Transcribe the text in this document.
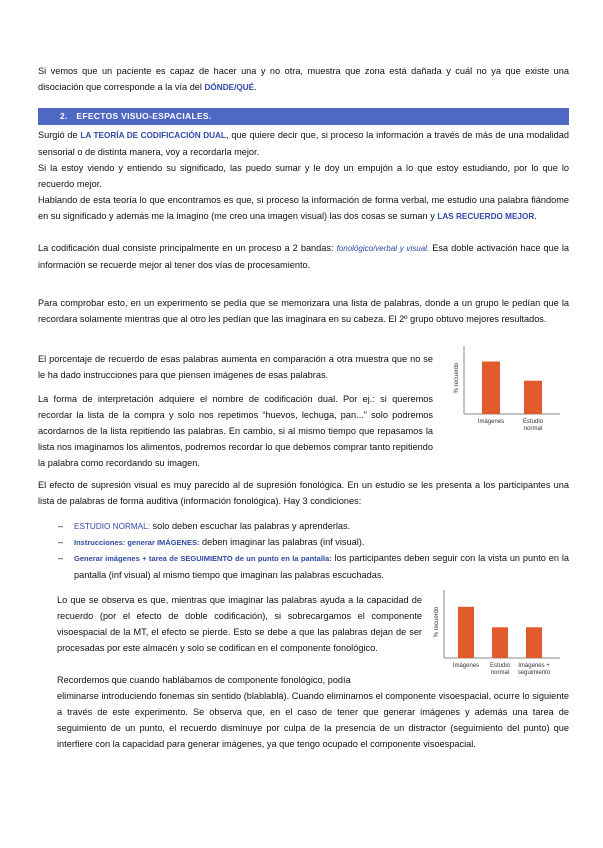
Si vemos que un paciente es capaz de hacer una y no otra, muestra que zona está dañada y cuál no ya que existe una disociación que corresponde a la vía del DÓNDE/QUÉ.

2. EFECTOS VISUO-ESPACIALES.

Surgió de LA TEORÍA DE CODIFICACIÓN DUAL, que quiere decir que, si proceso la información a través de más de una modalidad sensorial o de distinta manera, voy a recordarla mejor.
Si la estoy viendo y entiendo su significado, las puedo sumar y le doy un empujón a lo que estoy estudiando, por lo que lo recuerdo mejor.
Hablando de esta teoría lo que encontramos es que, si proceso la información de forma verbal, me estudio una palabra fiándome en su significado y además me la imagino (me creo una imagen visual) las dos cosas se suman y LAS RECUERDO MEJOR.

La codificación dual consiste principalmente en un proceso a 2 bandas: fonológico/verbal y visual. Esa doble activación hace que la información se recuerde mejor al tener dos vías de procesamiento.

Para comprobar esto, en un experimento se pedía que se memorizara una lista de palabras, donde a un grupo le pedían que la recordara solamente mientras que al otro les pedían que las imaginara en su cabeza. El 2º grupo obtuvo mejores resultados.

El porcentaje de recuerdo de esas palabras aumenta en comparación a otra muestra que no se le ha dado instrucciones para que piensen imágenes de esas palabras.

La forma de interpretación adquiere el nombre de codificación dual. Por ej.: si queremos recordar la lista de la compra y solo nos repetimos “huevos, lechuga, pan...” solo podremos acordarnos de la lista repitiendo las palabras. En cambio, si al mismo tiempo que repasamos la lista nos imaginamos los alimentos, podremos recordar lo que debemos comprar tanto repitiendo la palabra como recordando su imagen.

% recuerdo
Imágenes	Estudio
normal

El efecto de supresión visual es muy parecido al de supresión fonológica. En un estudio se les presenta a los participantes una lista de palabras de forma auditiva (información fonológica). Hay 3 condiciones:

– ESTUDIO NORMAL: solo deben escuchar las palabras y aprenderlas.
– Instrucciones: generar IMÁGENES: deben imaginar las palabras (inf visual).
– Generar imágenes + tarea de SEGUIMIENTO de un punto en la pantalla: los participantes deben seguir con la vista un punto en la pantalla (inf visual) al mismo tiempo que imaginan las palabras escuchadas.

Lo que se observa es que, mientras que imaginar las palabras ayuda a la capacidad de recuerdo (por el efecto de doble codificación), si sobrecargamos el componente visoespacial de la MT, el efecto se pierde. Esto se debe a que las palabras dejan de ser procesadas por este almacén y solo se codifican en el componente fonológico.

% recuerdo
Imágenes Estudio
normal
Imágenes +
seguimiento

Recordemos que cuando hablábamos de componente fonológico, podía

eliminarse introduciendo fonemas sin sentido (blablablá). Cuando eliminamos el componente visoespacial, ocurre lo siguiente a través de este experimento. Se observa que, en el caso de tener que generar imágenes y además una tarea de seguimiento de un punto, el recuerdo disminuye por culpa de la presencia de un distractor (seguimiento del punto) que interfiere con la capacidad para generar imágenes, ya que tengo ocupado el componente visoespacial.
